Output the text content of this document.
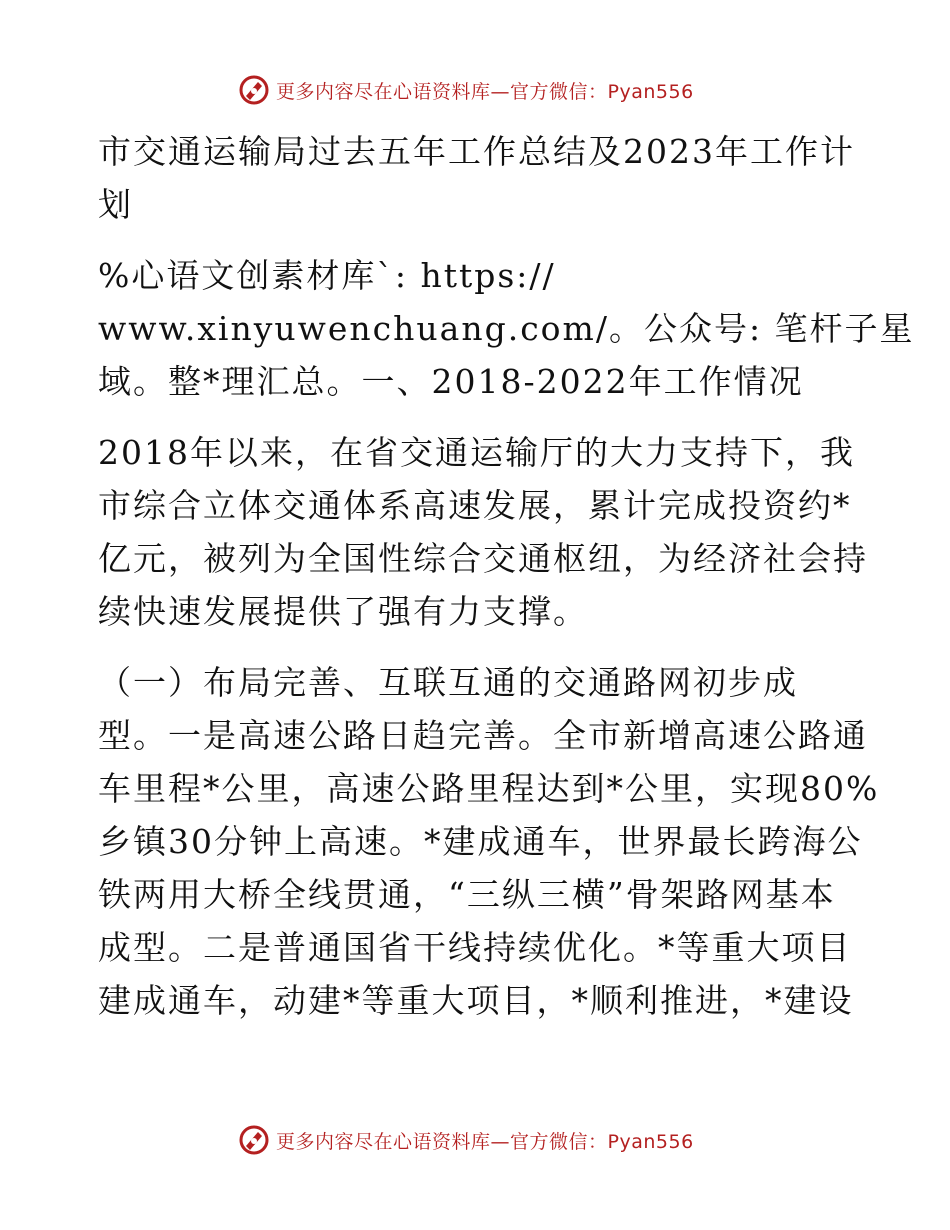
更多内容尽在心语资料库—官方微信：Pyan556

市交通运输局过去五年工作总结及2023年工作计

划

%心语文创素材库`: https://

www.xinyuwenchuang.com/。公众号: 笔杆子星

域。整*理汇总。一、2018-2022年工作情况

2018年以来，在省交通运输厅的大力支持下，我

市综合立体交通体系高速发展，累计完成投资约*

亿元，被列为全国性综合交通枢纽，为经济社会持

续快速发展提供了强有力支撑。

（一）布局完善、互联互通的交通路网初步成

型。一是高速公路日趋完善。全市新增高速公路通

车里程*公里，高速公路里程达到*公里，实现80%

乡镇30分钟上高速。*建成通车，世界最长跨海公

铁两用大桥全线贯通，“三纵三横”骨架路网基本

成型。二是普通国省干线持续优化。*等重大项目

建成通车，动建*等重大项目，*顺利推进，*建设

更多内容尽在心语资料库—官方微信：Pyan556
